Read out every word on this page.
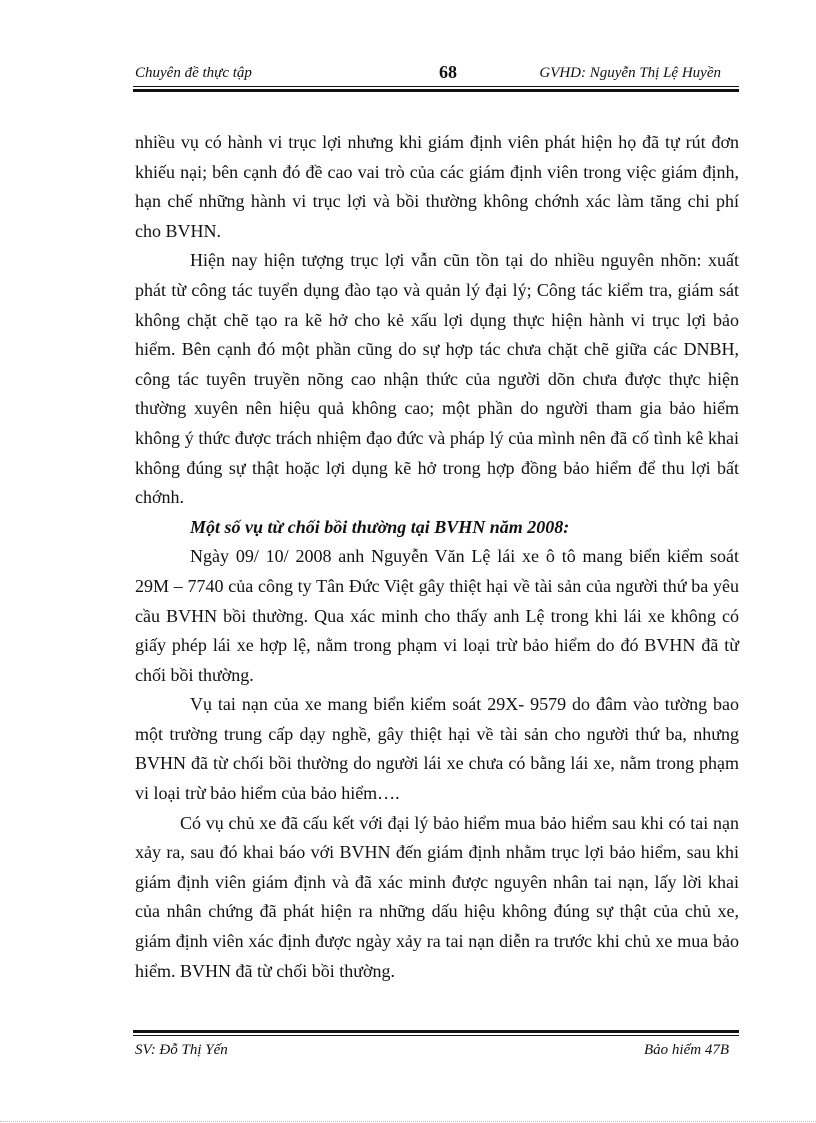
Chuyên đề thực tập	68	GVHD: Nguyễn Thị Lệ Huyền

nhiều vụ có hành vi trục lợi nhưng khi giám định viên phát hiện họ đã tự rút đơn khiếu nại; bên cạnh đó đề cao vai trò của các giám định viên trong việc giám định, hạn chế những hành vi trục lợi và bồi thường không chớnh xác làm tăng chi phí cho BVHN.

Hiện nay hiện tượng trục lợi vẫn cũn tồn tại do nhiều nguyên nhõn: xuất phát từ công tác tuyển dụng đào tạo và quản lý đại lý; Công tác kiểm tra, giám sát không chặt chẽ tạo ra kẽ hở cho kẻ xấu lợi dụng thực hiện hành vi trục lợi bảo hiểm. Bên cạnh đó một phần cũng do sự hợp tác chưa chặt chẽ giữa các DNBH, công tác tuyên truyền nõng cao nhận thức của người dõn chưa được thực hiện thường xuyên nên hiệu quả không cao; một phần do người tham gia bảo hiểm không ý thức được trách nhiệm đạo đức và pháp lý của mình nên đã cố tình kê khai không đúng sự thật hoặc lợi dụng kẽ hở trong hợp đồng bảo hiểm để thu lợi bất chớnh.

Một số vụ từ chối bồi thường tại BVHN năm 2008:

Ngày 09/ 10/ 2008 anh Nguyễn Văn Lệ lái xe ô tô mang biển kiểm soát 29M – 7740 của công ty Tân Đức Việt gây thiệt hại về tài sản của người thứ ba yêu cầu BVHN bồi thường. Qua xác minh cho thấy anh Lệ trong khi lái xe không có giấy phép lái xe hợp lệ, nằm trong phạm vi loại trừ bảo hiểm do đó BVHN đã từ chối bồi thường.

Vụ tai nạn của xe mang biển kiểm soát 29X- 9579 do đâm vào tường bao một trường trung cấp dạy nghề, gây thiệt hại về tài sản cho người thứ ba, nhưng BVHN đã từ chối bồi thường do người lái xe chưa có bằng lái xe, nằm trong phạm vi loại trừ bảo hiểm của bảo hiểm….

Có vụ chủ xe đã cấu kết với đại lý bảo hiểm mua bảo hiểm sau khi có tai nạn xảy ra, sau đó khai báo với BVHN đến giám định nhằm trục lợi bảo hiểm, sau khi giám định viên giám định và đã xác minh được nguyên nhân tai nạn, lấy lời khai của nhân chứng đã phát hiện ra những dấu hiệu không đúng sự thật của chủ xe, giám định viên xác định được ngày xảy ra tai nạn diễn ra trước khi chủ xe mua bảo hiểm. BVHN đã từ chối bồi thường.

SV: Đỗ Thị Yến	Bảo hiểm 47B
